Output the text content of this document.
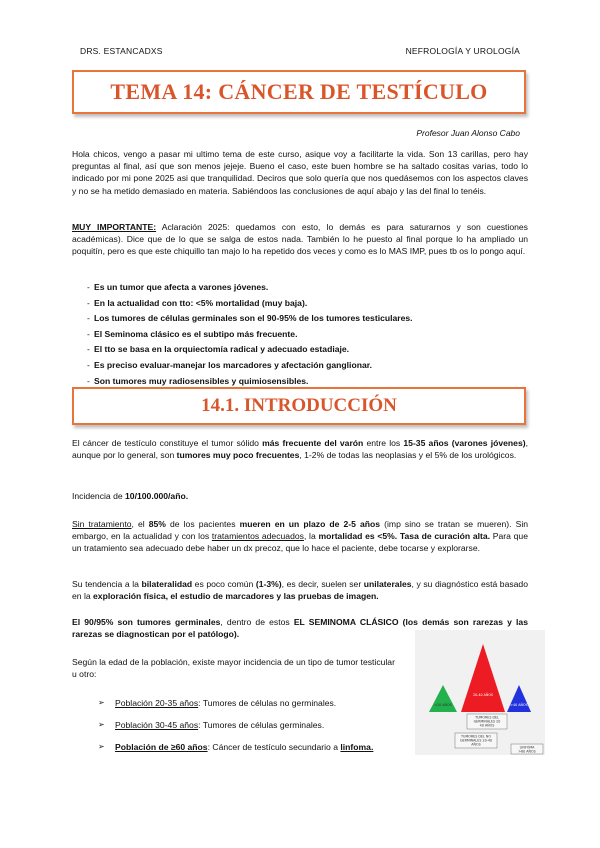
DRS. ESTANCADXS	NEFROLOGÍA Y UROLOGÍA
TEMA 14: CÁNCER DE TESTÍCULO
Profesor Juan Alonso Cabo

Hola chicos, vengo a pasar mi ultimo tema de este curso, asique voy a facilitarte la vida. Son 13 carillas, pero hay preguntas al final, así que son menos jejeje. Bueno el caso, este buen hombre se ha saltado cositas varias, todo lo indicado por mi pone 2025 asi que tranquilidad. Deciros que solo quería que nos quedásemos con los aspectos claves y no se ha metido demasiado en materia. Sabiéndoos las conclusiones de aquí abajo y las del final lo tenéis.

MUY IMPORTANTE: Aclaración 2025: quedamos con esto, lo demás es para saturarnos y son cuestiones académicas). Dice que de lo que se salga de estos nada. También lo he puesto al final porque lo ha ampliado un poquitín, pero es que este chiquillo tan majo lo ha repetido dos veces y como es lo MAS IMP, pues tb os lo pongo aquí.

- Es un tumor que afecta a varones jóvenes.
- En la actualidad con tto: <5% mortalidad (muy baja).
- Los tumores de células germinales son el 90-95% de los tumores testiculares.
- El Seminoma clásico es el subtipo más frecuente.
- El tto se basa en la orquiectomía radical y adecuado estadiaje.
- Es preciso evaluar-manejar los marcadores y afectación ganglionar.
- Son tumores muy radiosensibles y quimiosensibles.
14.1. INTRODUCCIÓN

El cáncer de testículo constituye el tumor sólido más frecuente del varón entre los 15-35 años (varones jóvenes), aunque por lo general, son tumores muy poco frecuentes, 1-2% de todas las neoplasias y el 5% de los urológicos.

Incidencia de 10/100.000/año.

Sin tratamiento, el 85% de los pacientes mueren en un plazo de 2-5 años (imp sino se tratan se mueren). Sin embargo, en la actualidad y con los tratamientos adecuados, la mortalidad es <5%. Tasa de curación alta. Para que un tratamiento sea adecuado debe haber un dx precoz, que lo hace el paciente, debe tocarse y explorarse.

Su tendencia a la bilateralidad es poco común (1-3%), es decir, suelen ser unilaterales, y su diagnóstico está basado en la exploración física, el estudio de marcadores y las pruebas de imagen.

El 90/95% son tumores germinales, dentro de estos EL SEMINOMA CLÁSICO (los demás son rarezas y las rarezas se diagnostican por el patólogo).

Según la edad de la población, existe mayor incidencia de un tipo de tumor testicular u otro:

➢ Población 20-35 años: Tumores de células no germinales.
➢ Población 30-45 años: Tumores de células germinales.
➢ Población de ≥60 años: Cáncer de testículo secundario a linfoma.
<20 AÑOS
20-40 AÑOS
>40 AÑOS
TUMORES DEL
GERMINALES 20
40 AÑOS
TUMORES DEL NO
GERMINALES 20-40
AÑOS
LINFOMA
>60 AÑOS
